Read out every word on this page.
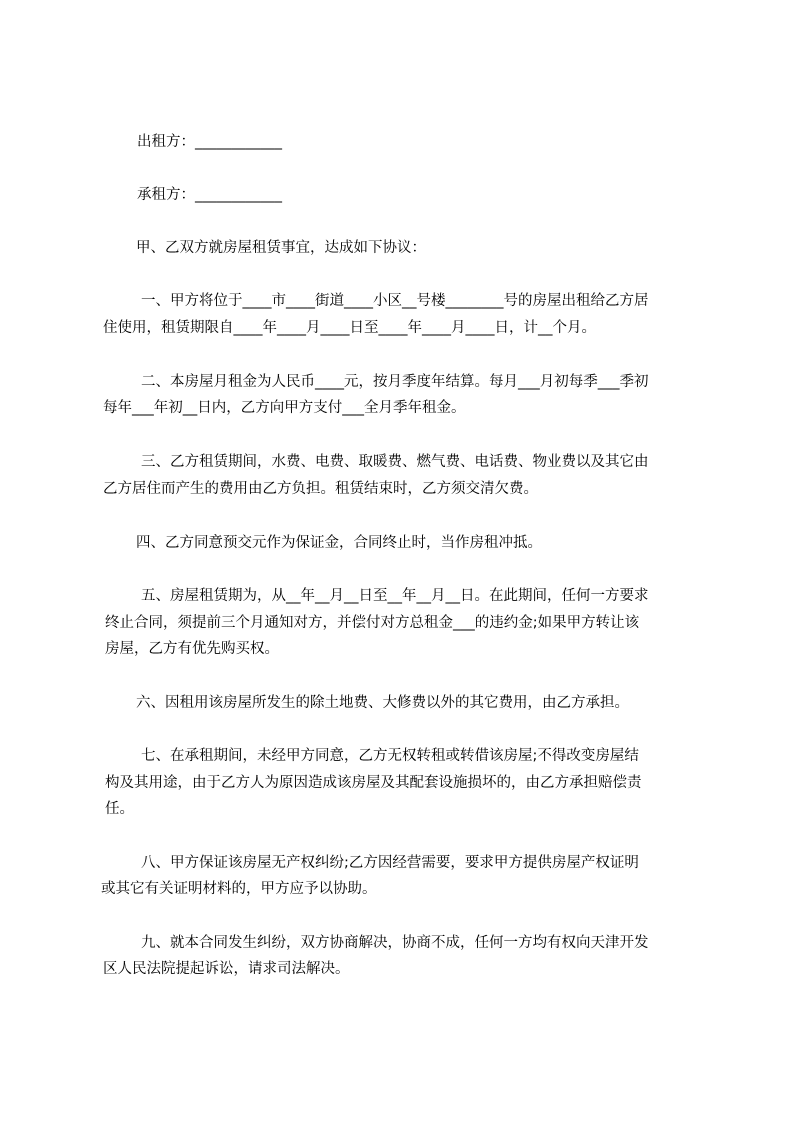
出租方：____________
承租方：____________
甲、乙双方就房屋租赁事宜，达成如下协议：
一、甲方将位于____市____街道____小区__号楼________号的房屋出租给乙方居
住使用，租赁期限自____年____月____日至____年____月____日，计__个月。
二、本房屋月租金为人民币____元，按月季度年结算。每月___月初每季___季初
每年___年初__日内，乙方向甲方支付___全月季年租金。
三、乙方租赁期间，水费、电费、取暖费、燃气费、电话费、物业费以及其它由
乙方居住而产生的费用由乙方负担。租赁结束时，乙方须交清欠费。
四、乙方同意预交元作为保证金，合同终止时，当作房租冲抵。
五、房屋租赁期为，从__年__月__日至__年__月__日。在此期间，任何一方要求
终止合同，须提前三个月通知对方，并偿付对方总租金___的违约金;如果甲方转让该
房屋，乙方有优先购买权。
六、因租用该房屋所发生的除土地费、大修费以外的其它费用，由乙方承担。
七、在承租期间，未经甲方同意，乙方无权转租或转借该房屋;不得改变房屋结
构及其用途，由于乙方人为原因造成该房屋及其配套设施损坏的，由乙方承担赔偿责
任。
八、甲方保证该房屋无产权纠纷;乙方因经营需要，要求甲方提供房屋产权证明
或其它有关证明材料的，甲方应予以协助。
九、就本合同发生纠纷，双方协商解决，协商不成，任何一方均有权向天津开发
区人民法院提起诉讼，请求司法解决。
